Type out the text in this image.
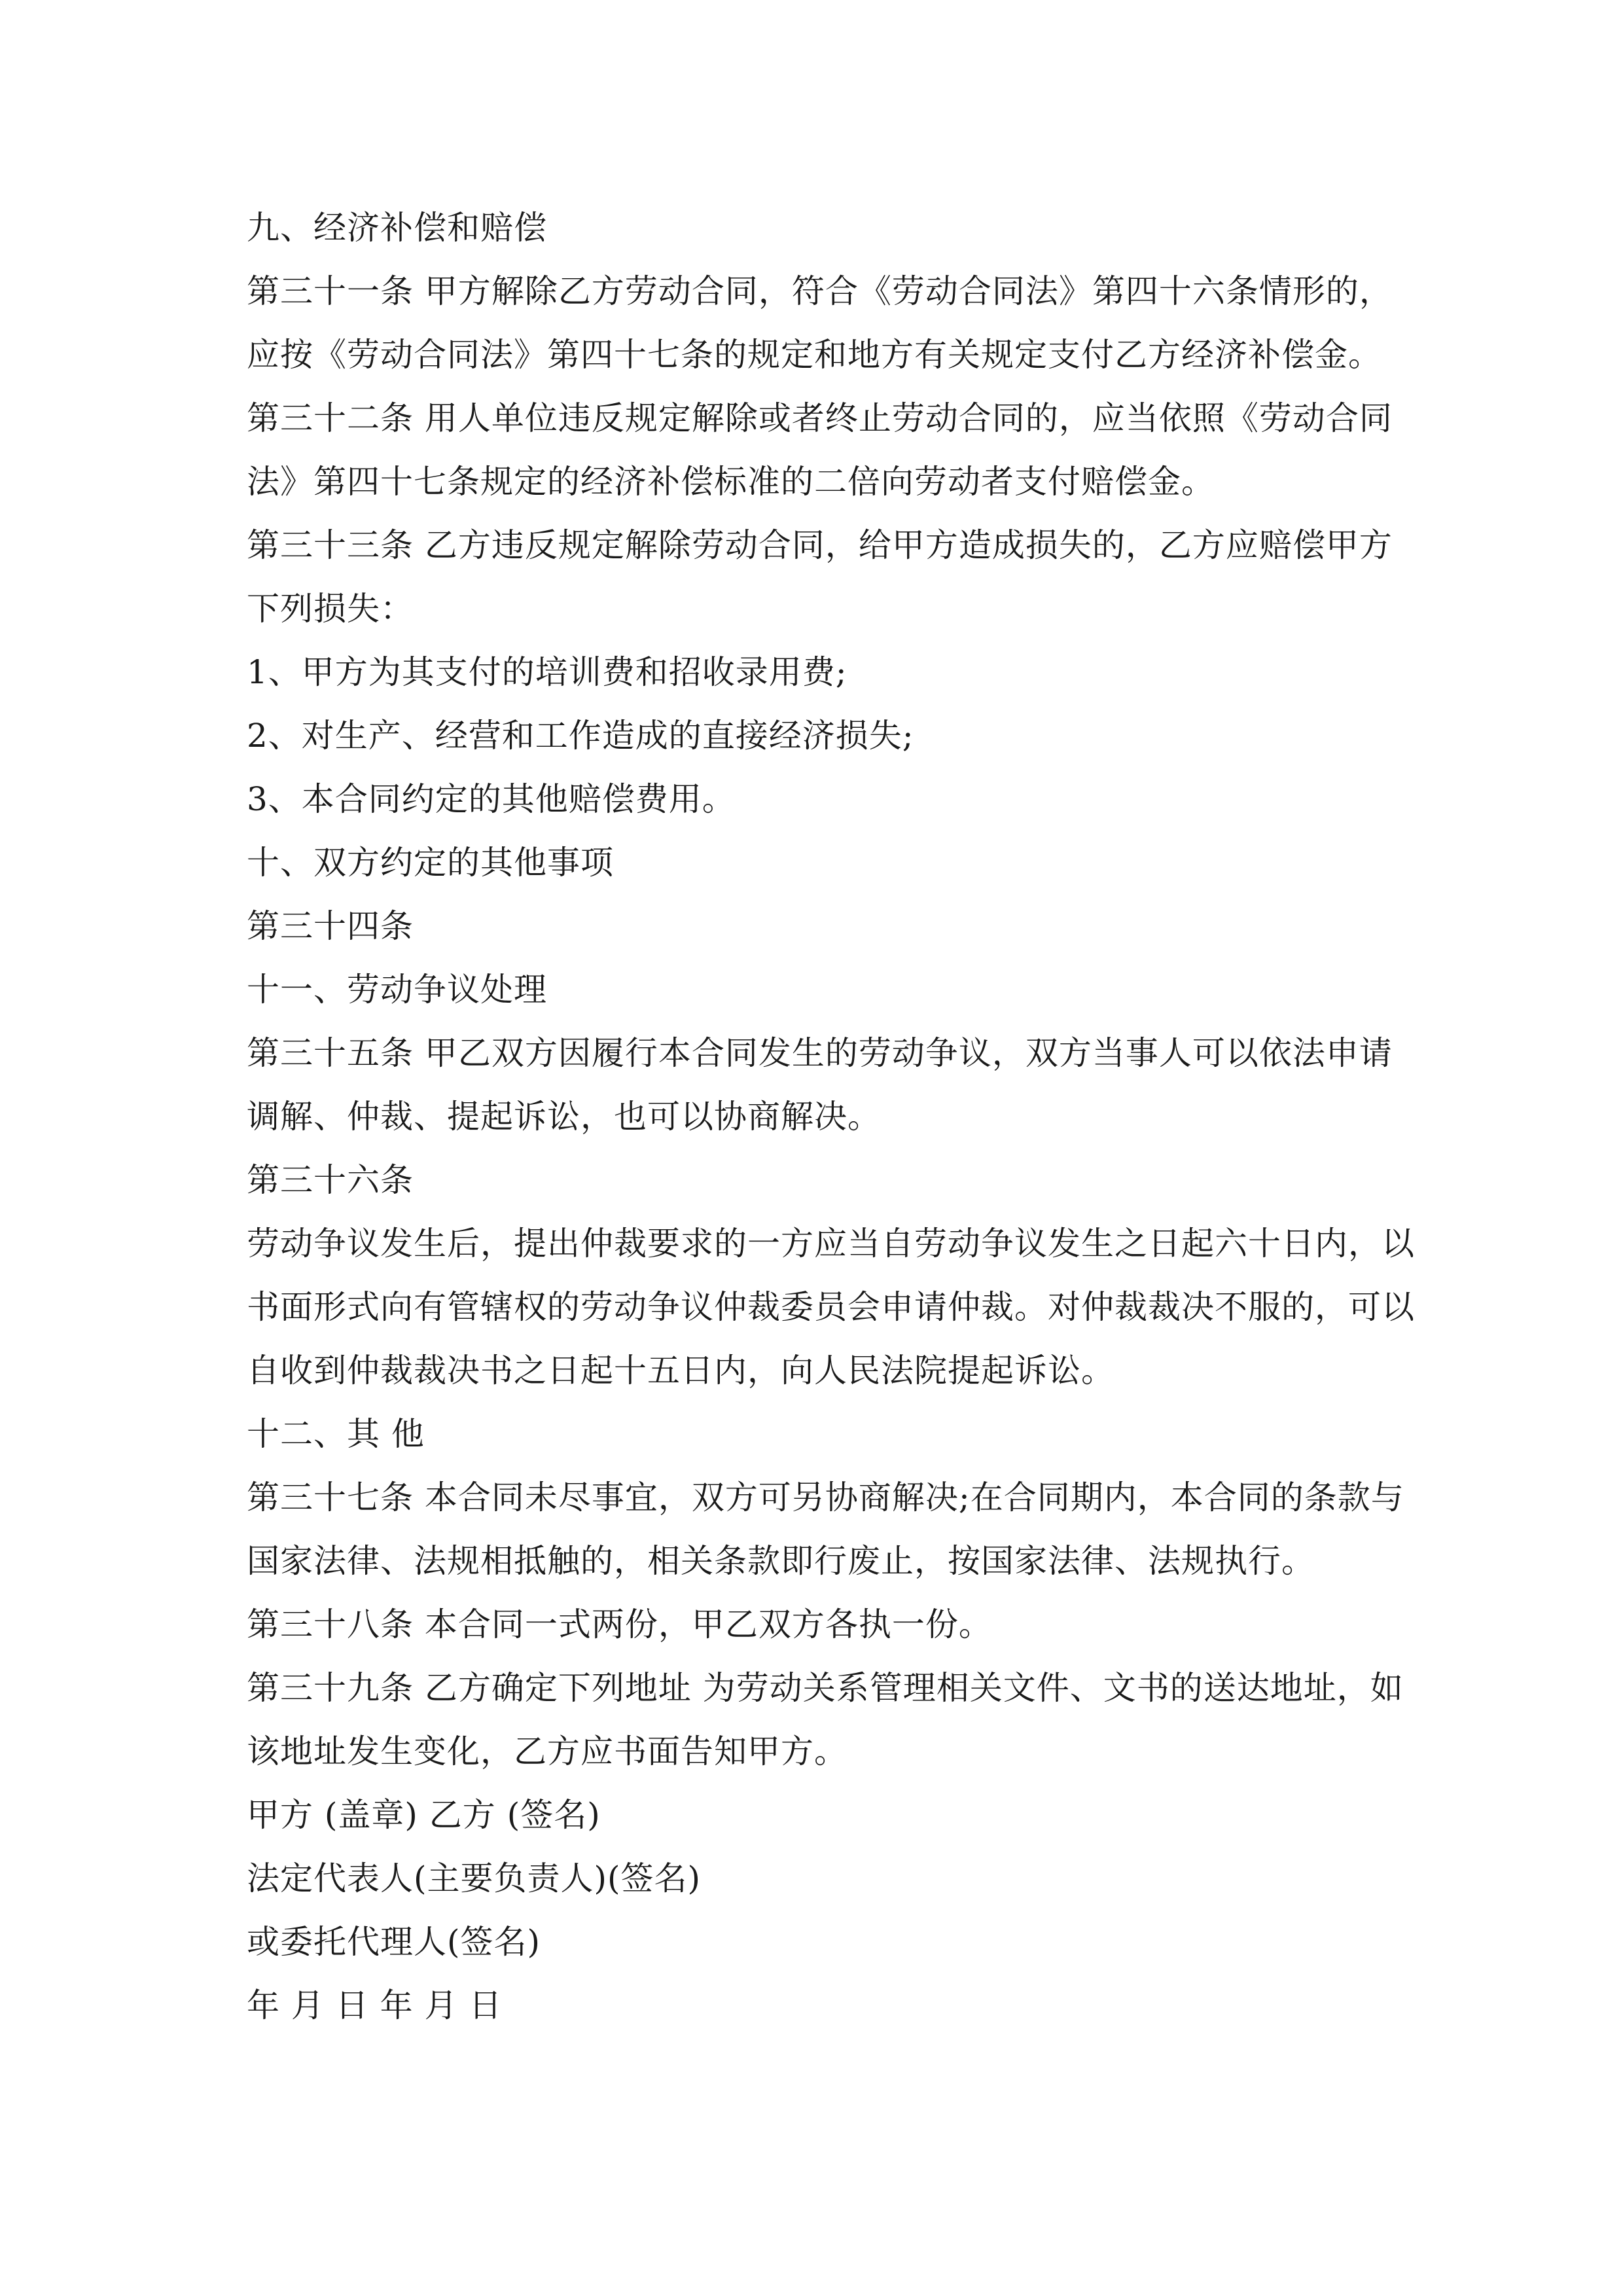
九、经济补偿和赔偿
第三十一条 甲方解除乙方劳动合同，符合《劳动合同法》第四十六条情形的，
应按《劳动合同法》第四十七条的规定和地方有关规定支付乙方经济补偿金。
第三十二条 用人单位违反规定解除或者终止劳动合同的，应当依照《劳动合同
法》第四十七条规定的经济补偿标准的二倍向劳动者支付赔偿金。
第三十三条 乙方违反规定解除劳动合同，给甲方造成损失的，乙方应赔偿甲方
下列损失：
1、甲方为其支付的培训费和招收录用费;
2、对生产、经营和工作造成的直接经济损失;
3、本合同约定的其他赔偿费用。
十、双方约定的其他事项
第三十四条
十一、劳动争议处理
第三十五条 甲乙双方因履行本合同发生的劳动争议，双方当事人可以依法申请
调解、仲裁、提起诉讼，也可以协商解决。
第三十六条
劳动争议发生后，提出仲裁要求的一方应当自劳动争议发生之日起六十日内，以
书面形式向有管辖权的劳动争议仲裁委员会申请仲裁。对仲裁裁决不服的，可以
自收到仲裁裁决书之日起十五日内，向人民法院提起诉讼。
十二、其 他
第三十七条 本合同未尽事宜，双方可另协商解决;在合同期内，本合同的条款与
国家法律、法规相抵触的，相关条款即行废止，按国家法律、法规执行。
第三十八条 本合同一式两份，甲乙双方各执一份。
第三十九条 乙方确定下列地址 为劳动关系管理相关文件、文书的送达地址，如
该地址发生变化，乙方应书面告知甲方。
甲方 (盖章) 乙方 (签名)
法定代表人(主要负责人)(签名)
或委托代理人(签名)
年 月 日 年 月 日
